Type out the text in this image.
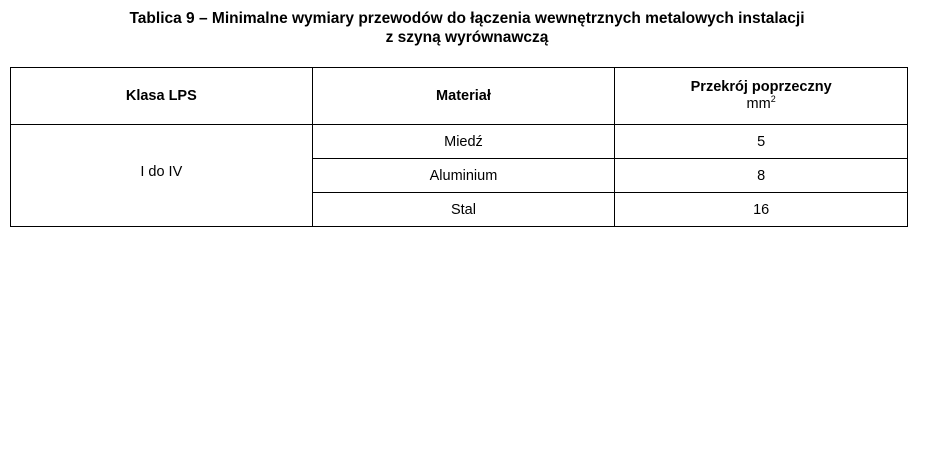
Tablica 9 – Minimalne wymiary przewodów do łączenia wewnętrznych metalowych instalacji
z szyną wyrównawczą
Klasa LPS	Materiał	Przekrój poprzeczny
$mm^2$

I do IV	Miedź	5
	Aluminium	8
	Stal	16
